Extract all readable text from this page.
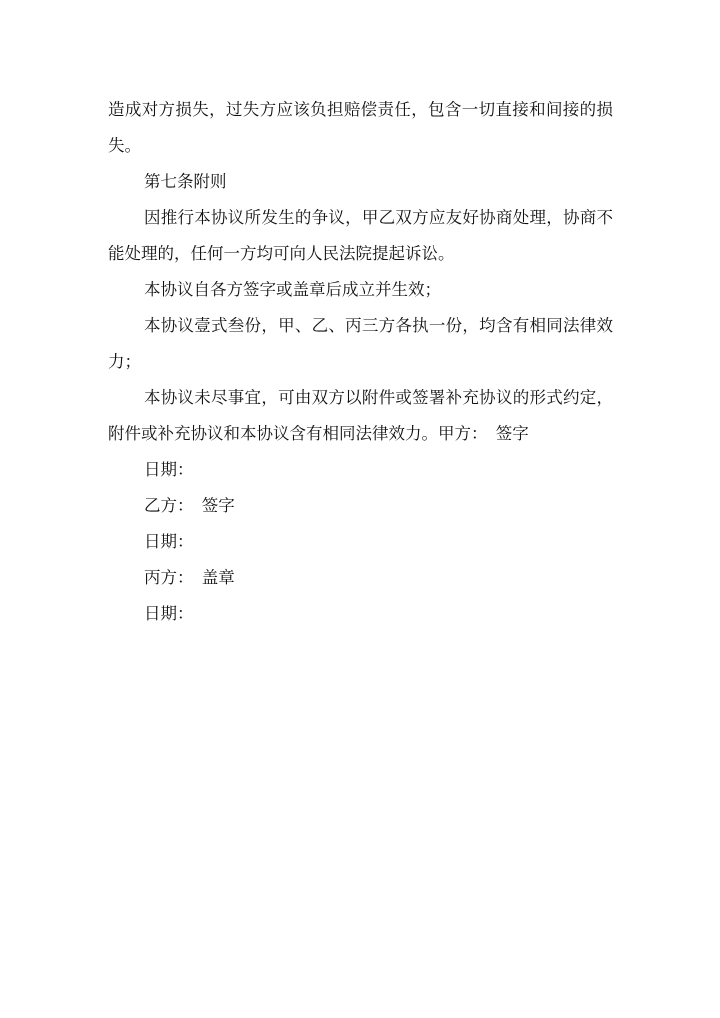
造成对方损失，过失方应该负担赔偿责任，包含一切直接和间接的损失。

第七条附则

因推行本协议所发生的争议，甲乙双方应友好协商处理，协商不能处理的，任何一方均可向人民法院提起诉讼。

本协议自各方签字或盖章后成立并生效；

本协议壹式叁份，甲、乙、丙三方各执一份，均含有相同法律效力；

本协议未尽事宜，可由双方以附件或签署补充协议的形式约定，附件或补充协议和本协议含有相同法律效力。甲方：　签字

日期：

乙方：　签字

日期：

丙方：　盖章

日期：
